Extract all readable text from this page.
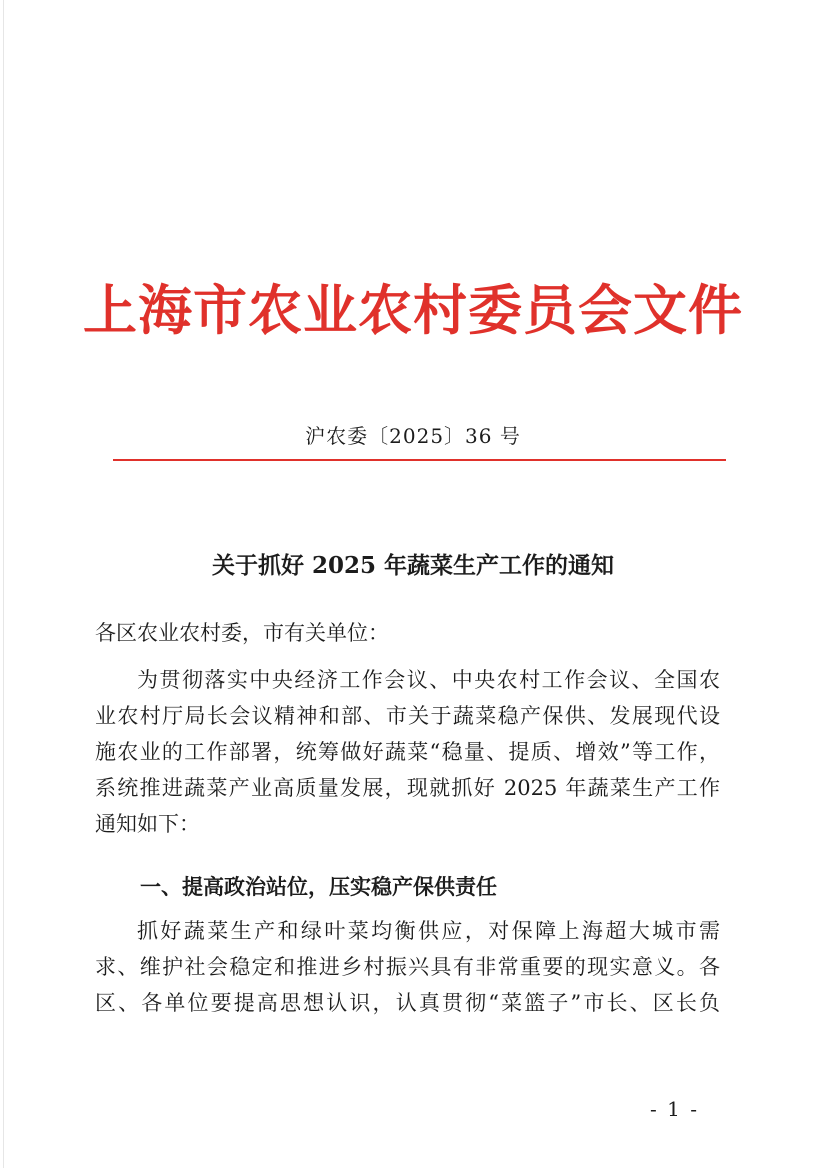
上海市农业农村委员会文件
沪农委〔2025〕36 号
关于抓好 2025 年蔬菜生产工作的通知
各区农业农村委，市有关单位：
为贯彻落实中央经济工作会议、中央农村工作会议、全国农
业农村厅局长会议精神和部、市关于蔬菜稳产保供、发展现代设
施农业的工作部署，统筹做好蔬菜“稳量、提质、增效”等工作，
系统推进蔬菜产业高质量发展，现就抓好 2025 年蔬菜生产工作
通知如下：
一、提高政治站位，压实稳产保供责任
抓好蔬菜生产和绿叶菜均衡供应，对保障上海超大城市需
求、维护社会稳定和推进乡村振兴具有非常重要的现实意义。各
区、各单位要提高思想认识，认真贯彻“菜篮子”市长、区长负
- 1 -
